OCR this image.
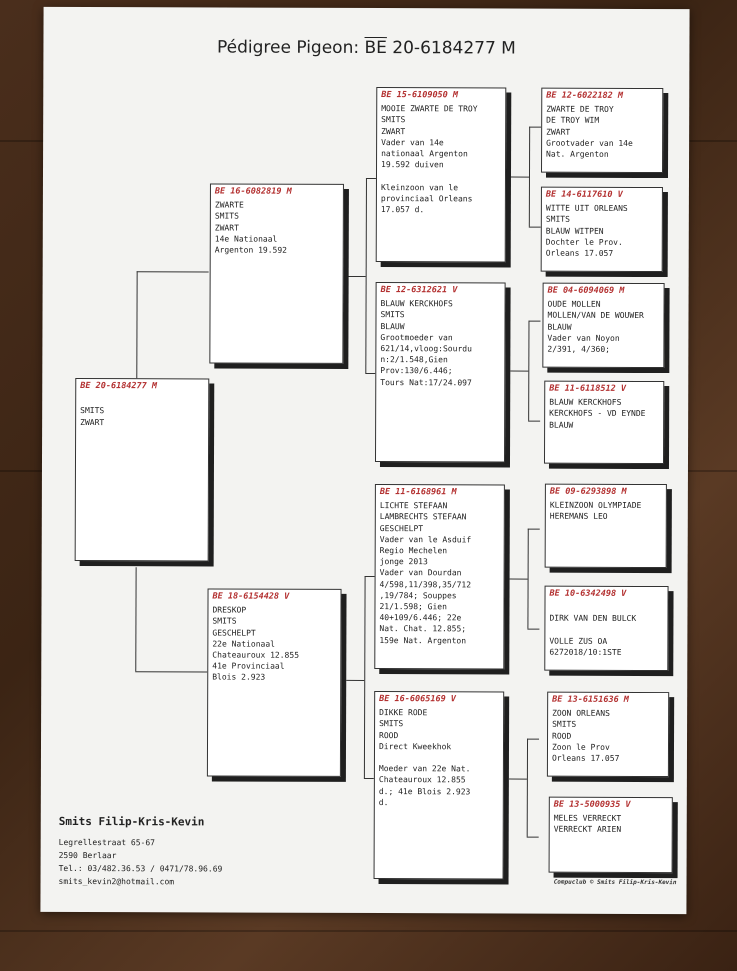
Pédigree Pigeon: $\overline{BE}$ 20-6184277 M
BE 20-6184277 M

SMITS
ZWART
BE 16-6082819 M
ZWARTE
SMITS
ZWART
14e Nationaal
Argenton 19.592
BE 18-6154428 V
DRESKOP
SMITS
GESCHELPT
22e Nationaal
Chateauroux 12.855
41e Provinciaal
Blois 2.923
BE 15-6109050 M
MOOIE ZWARTE DE TROY
SMITS
ZWART
Vader van 14e
nationaal Argenton
19.592 duiven

Kleinzoon van le
provinciaal Orleans
17.057 d.
BE 12-6312621 V
BLAUW KERCKHOFS
SMITS
BLAUW
Grootmoeder van
621/14,vloog:Sourdu
n:2/1.548,Gien
Prov:130/6.446;
Tours Nat:17/24.097
BE 11-6168961 M
LICHTE STEFAAN
LAMBRECHTS STEFAAN
GESCHELPT
Vader van le Asduif
Regio Mechelen
jonge 2013
Vader van Dourdan
4/598,11/398,35/712
,19/784; Souppes
21/1.598; Gien
40+109/6.446; 22e
Nat. Chat. 12.855;
159e Nat. Argenton
BE 16-6065169 V
DIKKE RODE
SMITS
ROOD
Direct Kweekhok

Moeder van 22e Nat.
Chateauroux 12.855
d.; 41e Blois 2.923
d.
BE 12-6022182 M
ZWARTE DE TROY
DE TROY WIM
ZWART
Grootvader van 14e
Nat. Argenton
BE 14-6117610 V
WITTE UIT ORLEANS
SMITS
BLAUW WITPEN
Dochter le Prov.
Orleans 17.057
BE 04-6094069 M
OUDE MOLLEN
MOLLEN/VAN DE WOUWER
BLAUW
Vader van Noyon
2/391, 4/360;
BE 11-6118512 V
BLAUW KERCKHOFS
KERCKHOFS - VD EYNDE
BLAUW
BE 09-6293898 M
KLEINZOON OLYMPIADE
HEREMANS LEO
BE 10-6342498 V

DIRK VAN DEN BULCK

VOLLE ZUS OA
6272018/10:1STE
BE 13-6151636 M
ZOON ORLEANS
SMITS
ROOD
Zoon le Prov
Orleans 17.057
BE 13-5000935 V
MELES VERRECKT
VERRECKT ARIEN
Smits Filip-Kris-Kevin
Legrellestraat 65-67
2590 Berlaar
Tel.: 03/482.36.53 / 0471/78.96.69
smits_kevin2@hotmail.com	Compuclub © Smits Filip-Kris-Kevin
